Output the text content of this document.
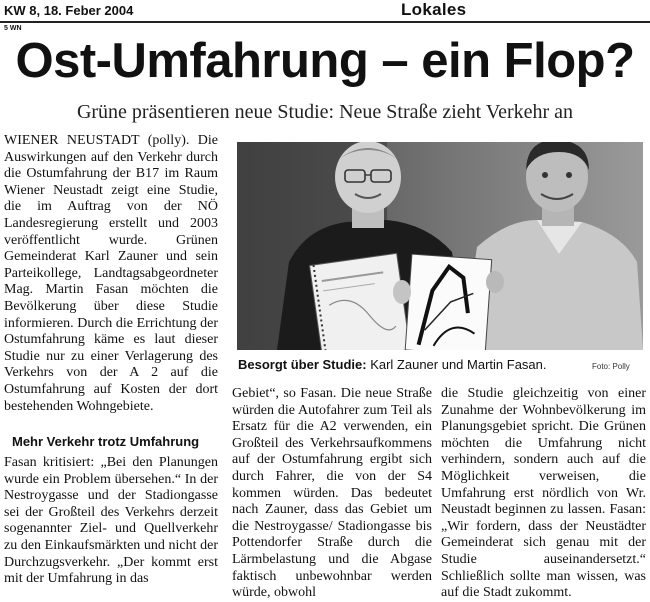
KW 8, 18. Feber 2004	Lokales
5 WN
Ost-Umfahrung – ein Flop?
Grüne präsentieren neue Studie: Neue Straße zieht Verkehr an
Besorgt über Studie: Karl Zauner und Martin Fasan.	Foto: Polly

WIENER NEUSTADT (polly). Die Auswirkungen auf den Verkehr durch die Ostumfahrung der B17 im Raum Wiener Neustadt zeigt eine Studie, die im Auftrag von der NÖ Landesregierung erstellt und 2003 veröffentlicht wurde. Grünen Gemeinderat Karl Zauner und sein Parteikollege, Landtagsabgeordneter Mag. Martin Fasan möchten die Bevölkerung über diese Studie informieren. Durch die Errichtung der Ostumfahrung käme es laut dieser Studie nur zu einer Verlagerung des Verkehrs von der A 2 auf die Ostumfahrung auf Kosten der dort bestehenden Wohngebiete.

Mehr Verkehr trotz Umfahrung

Fasan kritisiert: „Bei den Planungen wurde ein Problem übersehen.“ In der Nestroygasse und der Stadiongasse sei der Großteil des Verkehrs derzeit sogenannter Ziel- und Quellverkehr zu den Einkaufsmärkten und nicht der Durchzugsverkehr. „Der kommt erst mit der Umfahrung in das

Gebiet“, so Fasan. Die neue Straße würden die Autofahrer zum Teil als Ersatz für die A2 verwenden, ein Großteil des Verkehrsaufkommens auf der Ostumfahrung ergibt sich durch Fahrer, die von der S4 kommen würden. Das bedeutet nach Zauner, dass das Gebiet um die Nestroygasse/ Stadiongasse bis Pottendorfer Straße durch die Lärmbelastung und die Abgase faktisch unbewohnbar werden würde, obwohl

die Studie gleichzeitig von einer Zunahme der Wohnbevölkerung im Planungsgebiet spricht. Die Grünen möchten die Umfahrung nicht verhindern, sondern auch auf die Möglichkeit verweisen, die Umfahrung erst nördlich von Wr. Neustadt beginnen zu lassen. Fasan: „Wir fordern, dass der Neustädter Gemeinderat sich genau mit der Studie auseinandersetzt.“ Schließlich sollte man wissen, was auf die Stadt zukommt.
